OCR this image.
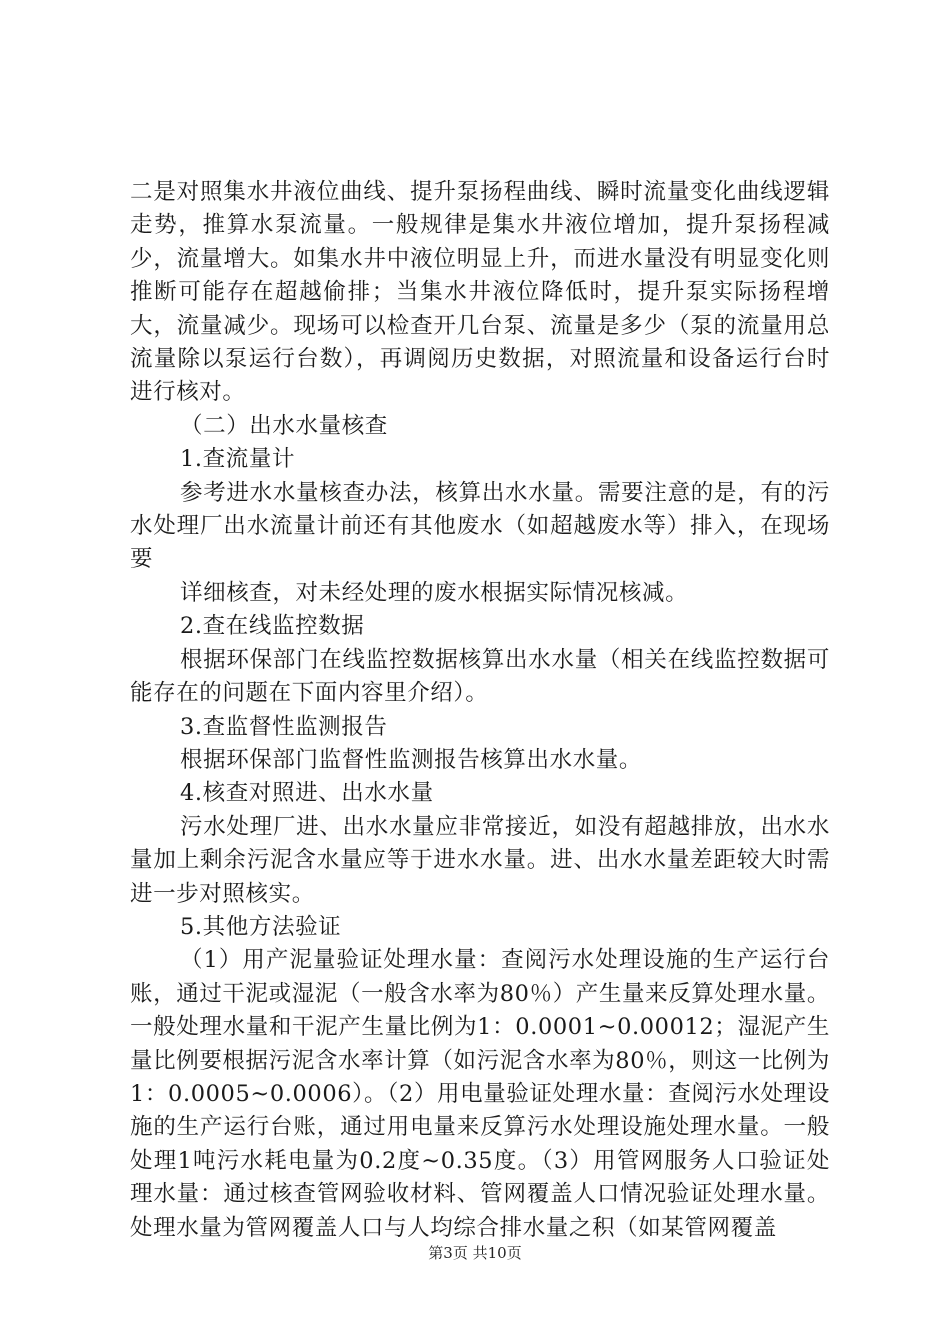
二是对照集水井液位曲线、提升泵扬程曲线、瞬时流量变化曲线逻辑走势，推算水泵流量。一般规律是集水井液位增加，提升泵扬程减少，流量增大。如集水井中液位明显上升，而进水量没有明显变化则推断可能存在超越偷排；当集水井液位降低时，提升泵实际扬程增大，流量减少。现场可以检查开几台泵、流量是多少（泵的流量用总流量除以泵运行台数），再调阅历史数据，对照流量和设备运行台时进行核对。

（二）出水水量核查

1.查流量计

参考进水水量核查办法，核算出水水量。需要注意的是，有的污水处理厂出水流量计前还有其他废水（如超越废水等）排入，在现场要

详细核查，对未经处理的废水根据实际情况核减。

2.查在线监控数据

根据环保部门在线监控数据核算出水水量（相关在线监控数据可能存在的问题在下面内容里介绍）。

3.查监督性监测报告

根据环保部门监督性监测报告核算出水水量。

4.核查对照进、出水水量

污水处理厂进、出水水量应非常接近，如没有超越排放，出水水量加上剩余污泥含水量应等于进水水量。进、出水水量差距较大时需进一步对照核实。

5.其他方法验证

（1）用产泥量验证处理水量：查阅污水处理设施的生产运行台账，通过干泥或湿泥（一般含水率为80％）产生量来反算处理水量。一般处理水量和干泥产生量比例为1：0.0001~0.00012；湿泥产生量比例要根据污泥含水率计算（如污泥含水率为80％，则这一比例为1：0.0005~0.0006）。（2）用电量验证处理水量：查阅污水处理设施的生产运行台账，通过用电量来反算污水处理设施处理水量。一般处理1吨污水耗电量为0.2度~0.35度。（3）用管网服务人口验证处理水量：通过核查管网验收材料、管网覆盖人口情况验证处理水量。处理水量为管网覆盖人口与人均综合排水量之积（如某管网覆盖

第3页 共10页
